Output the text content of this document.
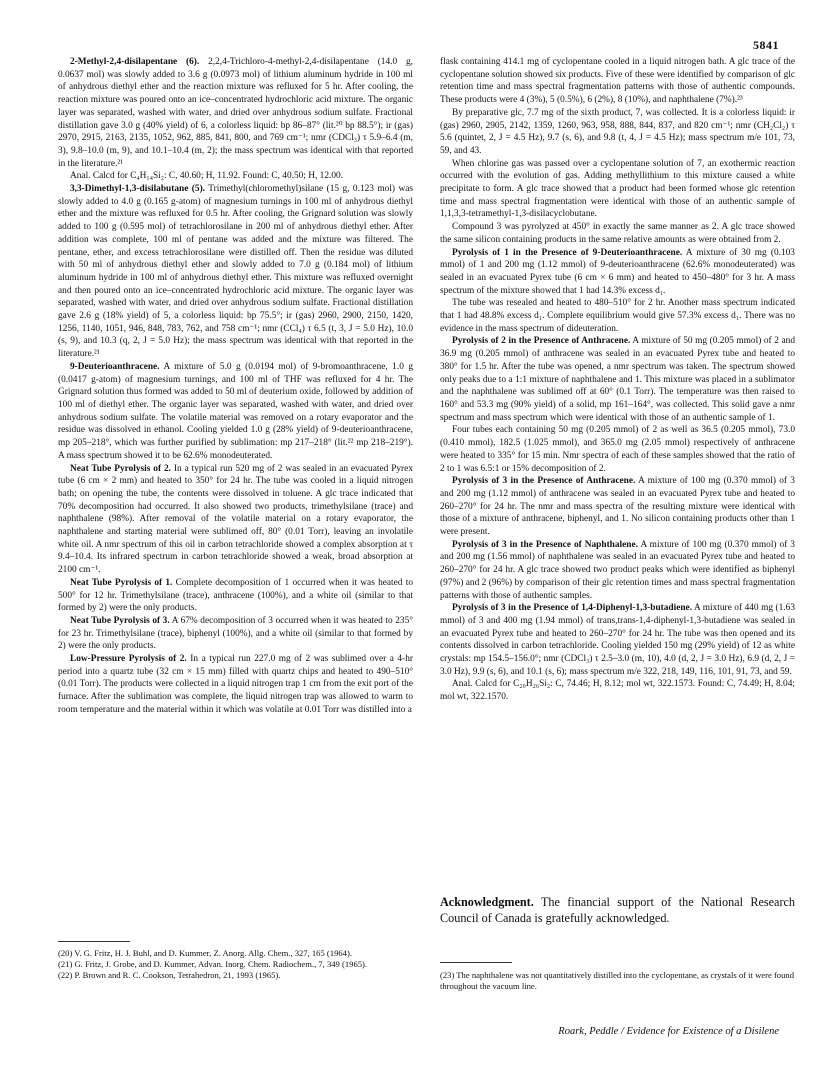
5841

2-Methyl-2,4-disilapentane (6). 2,2,4-Trichloro-4-methyl-2,4-disilapentane (14.0 g, 0.0637 mol) was slowly added to 3.6 g (0.0973 mol) of lithium aluminum hydride in 100 ml of anhydrous diethyl ether and the reaction mixture was refluxed for 5 hr. After cooling, the reaction mixture was poured onto an ice–concentrated hydrochloric acid mixture. The organic layer was separated, washed with water, and dried over anhydrous sodium sulfate. Fractional distillation gave 3.0 g (40% yield) of 6, a colorless liquid: bp 86–87° (lit.²⁰ bp 88.5°); ir (gas) 2970, 2915, 2163, 2135, 1052, 962, 885, 841, 800, and 769 cm⁻¹; nmr (CDCl₃) τ 5.9–6.4 (m, 3), 9.8–10.0 (m, 9), and 10.1–10.4 (m, 2); the mass spectrum was identical with that reported in the literature.²¹

Anal. Calcd for C₄H₁₄Si₂: C, 40.60; H, 11.92. Found: C, 40.50; H, 12.00.

3,3-Dimethyl-1,3-disilabutane (5). Trimethyl(chloromethyl)silane (15 g, 0.123 mol) was slowly added to 4.0 g (0.165 g-atom) of magnesium turnings in 100 ml of anhydrous diethyl ether and the mixture was refluxed for 0.5 hr. After cooling, the Grignard solution was slowly added to 100 g (0.595 mol) of tetrachlorosilane in 200 ml of anhydrous diethyl ether. After addition was complete, 100 ml of pentane was added and the mixture was filtered. The pentane, ether, and excess tetrachlorosilane were distilled off. Then the residue was diluted with 50 ml of anhydrous diethyl ether and slowly added to 7.0 g (0.184 mol) of lithium aluminum hydride in 100 ml of anhydrous diethyl ether. This mixture was refluxed overnight and then poured onto an ice–concentrated hydrochloric acid mixture. The organic layer was separated, washed with water, and dried over anhydrous sodium sulfate. Fractional distillation gave 2.6 g (18% yield) of 5, a colorless liquid: bp 75.5°; ir (gas) 2960, 2900, 2150, 1420, 1256, 1140, 1051, 946, 848, 783, 762, and 758 cm⁻¹; nmr (CCl₄) τ 6.5 (t, 3, J = 5.0 Hz), 10.0 (s, 9), and 10.3 (q, 2, J = 5.0 Hz); the mass spectrum was identical with that reported in the literature.²¹

9-Deuterioanthracene. A mixture of 5.0 g (0.0194 mol) of 9-bromoanthracene, 1.0 g (0.0417 g-atom) of magnesium turnings, and 100 ml of THF was refluxed for 4 hr. The Grignard solution thus formed was added to 50 ml of deuterium oxide, followed by addition of 100 ml of diethyl ether. The organic layer was separated, washed with water, and dried over anhydrous sodium sulfate. The volatile material was removed on a rotary evaporator and the residue was dissolved in ethanol. Cooling yielded 1.0 g (28% yield) of 9-deuterioanthracene, mp 205–218°, which was further purified by sublimation: mp 217–218° (lit.²² mp 218–219°). A mass spectrum showed it to be 62.6% monodeuterated.

Neat Tube Pyrolysis of 2. In a typical run 520 mg of 2 was sealed in an evacuated Pyrex tube (6 cm × 2 mm) and heated to 350° for 24 hr. The tube was cooled in a liquid nitrogen bath; on opening the tube, the contents were dissolved in toluene. A glc trace indicated that 70% decomposition had occurred. It also showed two products, trimethylsilane (trace) and naphthalene (98%). After removal of the volatile material on a rotary evaporator, the naphthalene and starting material were sublimed off, 80° (0.01 Torr), leaving an involatile white oil. A nmr spectrum of this oil in carbon tetrachloride showed a complex absorption at τ 9.4–10.4. Its infrared spectrum in carbon tetrachloride showed a weak, broad absorption at 2100 cm⁻¹.

Neat Tube Pyrolysis of 1. Complete decomposition of 1 occurred when it was heated to 500° for 12 hr. Trimethylsilane (trace), anthracene (100%), and a white oil (similar to that formed by 2) were the only products.

Neat Tube Pyrolysis of 3. A 67% decomposition of 3 occurred when it was heated to 235° for 23 hr. Trimethylsilane (trace), biphenyl (100%), and a white oil (similar to that formed by 2) were the only products.

Low-Pressure Pyrolysis of 2. In a typical run 227.0 mg of 2 was sublimed over a 4-hr period into a quartz tube (32 cm × 15 mm) filled with quartz chips and heated to 490–510° (0.01 Torr). The products were collected in a liquid nitrogen trap 1 cm from the exit port of the furnace. After the sublimation was complete, the liquid nitrogen trap was allowed to warm to room temperature and the material within it which was volatile at 0.01 Torr was distilled into a

(20) V. G. Fritz, H. J. Buhl, and D. Kummer, Z. Anorg. Allg. Chem., 327, 165 (1964).
(21) G. Fritz, J. Grobe, and D. Kummer, Advan. Inorg. Chem. Radiochem., 7, 349 (1965).
(22) P. Brown and R. C. Cookson, Tetrahedron, 21, 1993 (1965).

flask containing 414.1 mg of cyclopentane cooled in a liquid nitrogen bath. A glc trace of the cyclopentane solution showed six products. Five of these were identified by comparison of glc retention time and mass spectral fragmentation patterns with those of authentic compounds. These products were 4 (3%), 5 (0.5%), 6 (2%), 8 (10%), and naphthalene (7%).²³

By preparative glc, 7.7 mg of the sixth product, 7, was collected. It is a colorless liquid: ir (gas) 2960, 2905, 2142, 1359, 1260, 963, 958, 888, 844, 837, and 820 cm⁻¹; nmr (CH₂Cl₂) τ 5.6 (quintet, 2, J = 4.5 Hz), 9.7 (s, 6), and 9.8 (t, 4, J = 4.5 Hz); mass spectrum m/e 101, 73, 59, and 43.

When chlorine gas was passed over a cyclopentane solution of 7, an exothermic reaction occurred with the evolution of gas. Adding methyllithium to this mixture caused a white precipitate to form. A glc trace showed that a product had been formed whose glc retention time and mass spectral fragmentation were identical with those of an authentic sample of 1,1,3,3-tetramethyl-1,3-disilacyclobutane.

Compound 3 was pyrolyzed at 450° in exactly the same manner as 2. A glc trace showed the same silicon containing products in the same relative amounts as were obtained from 2.

Pyrolysis of 1 in the Presence of 9-Deuterioanthracene. A mixture of 30 mg (0.103 mmol) of 1 and 200 mg (1.12 mmol) of 9-deuterioanthracene (62.6% monodeuterated) was sealed in an evacuated Pyrex tube (6 cm × 6 mm) and heated to 450–480° for 3 hr. A mass spectrum of the mixture showed that 1 had 14.3% excess d₁.

The tube was resealed and heated to 480–510° for 2 hr. Another mass spectrum indicated that 1 had 48.8% excess d₁. Complete equilibrium would give 57.3% excess d₁. There was no evidence in the mass spectrum of dideuteration.

Pyrolysis of 2 in the Presence of Anthracene. A mixture of 50 mg (0.205 mmol) of 2 and 36.9 mg (0.205 mmol) of anthracene was sealed in an evacuated Pyrex tube and heated to 380° for 1.5 hr. After the tube was opened, a nmr spectrum was taken. The spectrum showed only peaks due to a 1:1 mixture of naphthalene and 1. This mixture was placed in a sublimator and the naphthalene was sublimed off at 60° (0.1 Torr). The temperature was then raised to 160° and 53.3 mg (90% yield) of a solid, mp 161–164°, was collected. This solid gave a nmr spectrum and mass spectrum which were identical with those of an authentic sample of 1.

Four tubes each containing 50 mg (0.205 mmol) of 2 as well as 36.5 (0.205 mmol), 73.0 (0.410 mmol), 182.5 (1.025 mmol), and 365.0 mg (2.05 mmol) respectively of anthracene were heated to 335° for 15 min. Nmr spectra of each of these samples showed that the ratio of 2 to 1 was 6.5:1 or 15% decomposition of 2.

Pyrolysis of 3 in the Presence of Anthracene. A mixture of 100 mg (0.370 mmol) of 3 and 200 mg (1.12 mmol) of anthracene was sealed in an evacuated Pyrex tube and heated to 260–270° for 24 hr. The nmr and mass spectra of the resulting mixture were identical with those of a mixture of anthracene, biphenyl, and 1. No silicon containing products other than 1 were present.

Pyrolysis of 3 in the Presence of Naphthalene. A mixture of 100 mg (0.370 mmol) of 3 and 200 mg (1.56 mmol) of naphthalene was sealed in an evacuated Pyrex tube and heated to 260–270° for 24 hr. A glc trace showed two product peaks which were identified as biphenyl (97%) and 2 (96%) by comparison of their glc retention times and mass spectral fragmentation patterns with those of authentic samples.

Pyrolysis of 3 in the Presence of 1,4-Diphenyl-1,3-butadiene. A mixture of 440 mg (1.63 mmol) of 3 and 400 mg (1.94 mmol) of trans,trans-1,4-diphenyl-1,3-butadiene was sealed in an evacuated Pyrex tube and heated to 260–270° for 24 hr. The tube was then opened and its contents dissolved in carbon tetrachloride. Cooling yielded 150 mg (29% yield) of 12 as white crystals: mp 154.5–156.0°; nmr (CDCl₃) τ 2.5–3.0 (m, 10), 4.0 (d, 2, J = 3.0 Hz), 6.9 (d, 2, J = 3.0 Hz), 9.9 (s, 6), and 10.1 (s, 6); mass spectrum m/e 322, 218, 149, 116, 101, 91, 73, and 59.

Anal. Calcd for C₂₀H₂₆Si₂: C, 74.46; H, 8.12; mol wt, 322.1573. Found: C, 74.49; H, 8.04; mol wt, 322.1570.

Acknowledgment. The financial support of the National Research Council of Canada is gratefully acknowledged.
(23) The naphthalene was not quantitatively distilled into the cyclopentane, as crystals of it were found throughout the vacuum line.
Roark, Peddle / Evidence for Existence of a Disilene
